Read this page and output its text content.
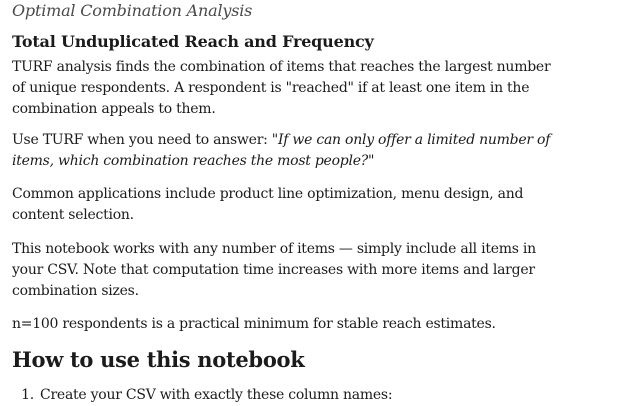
Optimal Combination Analysis
Total Unduplicated Reach and Frequency

TURF analysis finds the combination of items that reaches the largest number of unique respondents. A respondent is "reached" if at least one item in the combination appeals to them.

Use TURF when you need to answer: "If we can only offer a limited number of items, which combination reaches the most people?"

Common applications include product line optimization, menu design, and content selection.

This notebook works with any number of items — simply include all items in your CSV. Note that computation time increases with more items and larger combination sizes.

n=100 respondents is a practical minimum for stable reach estimates.

How to use this notebook
1. Create your CSV with exactly these column names:
